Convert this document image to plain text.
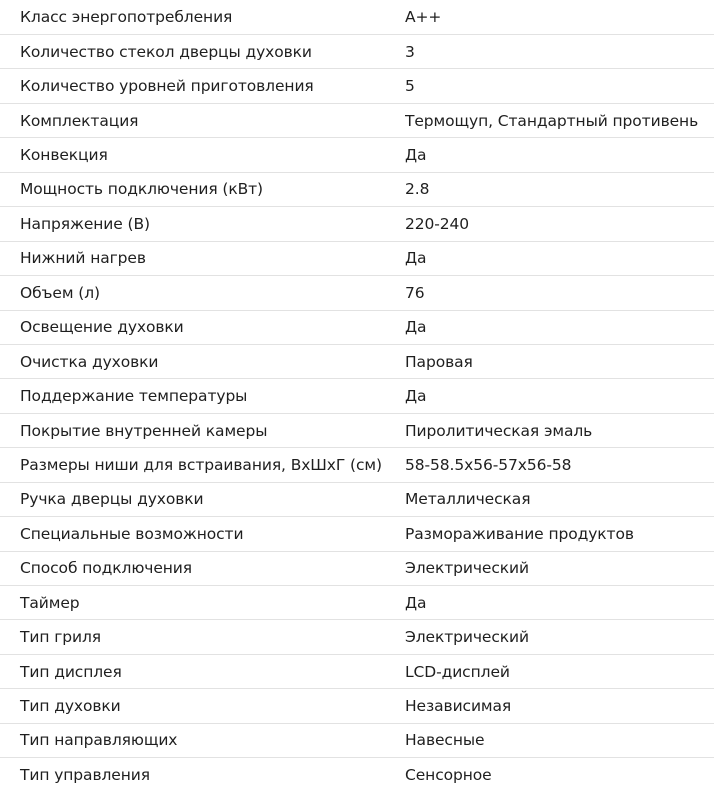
Класс энергопотребления	A++
Количество стекол дверцы духовки	3
Количество уровней приготовления	5
Комплектация	Термощуп, Стандартный противень
Конвекция	Да
Мощность подключения (кВт)	2.8
Напряжение (В)	220-240
Нижний нагрев	Да
Объем (л)	76
Освещение духовки	Да
Очистка духовки	Паровая
Поддержание температуры	Да
Покрытие внутренней камеры	Пиролитическая эмаль
Размеры ниши для встраивания, ВхШхГ (см)	58-58.5x56-57x56-58
Ручка дверцы духовки	Металлическая
Специальные возможности	Размораживание продуктов
Способ подключения	Электрический
Таймер	Да
Тип гриля	Электрический
Тип дисплея	LCD-дисплей
Тип духовки	Независимая
Тип направляющих	Навесные
Тип управления	Сенсорное
